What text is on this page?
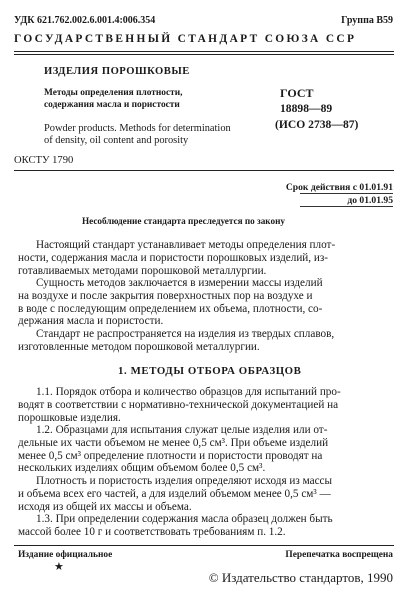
УДК 621.762.002.6.001.4:006.354	Группа В59
ГОСУДАРСТВЕННЫЙ СТАНДАРТ СОЮЗА ССР
ИЗДЕЛИЯ ПОРОШКОВЫЕ
Методы определения плотности,
содержания масла и пористости
Powder products. Methods for determination
of density, oil content and porosity
ГОСТ
18898—89
(ИСО 2738—87)
ОКСТУ 1790
Срок действия с 01.01.91
до 01.01.95
Несоблюдение стандарта преследуется по закону
Настоящий стандарт устанавливает методы определения плот-
ности, содержания масла и пористости порошковых изделий, из-
готавливаемых методами порошковой металлургии.
Сущность методов заключается в измерении массы изделий
на воздухе и после закрытия поверхностных пор на воздухе и
в воде с последующим определением их объема, плотности, со-
держания масла и пористости.
Стандарт не распространяется на изделия из твердых сплавов,
изготовленные методом порошковой металлургии.
1. МЕТОДЫ ОТБОРА ОБРАЗЦОВ
1.1. Порядок отбора и количество образцов для испытаний про-
водят в соответствии с нормативно-технической документацией на
порошковые изделия.
1.2. Образцами для испытания служат целые изделия или от-
дельные их части объемом не менее 0,5 см³. При объеме изделий
менее 0,5 см³ определение плотности и пористости проводят на
нескольких изделиях общим объемом более 0,5 см³.
Плотность и пористость изделия определяют исходя из массы
и объема всех его частей, а для изделий объемом менее 0,5 см³ —
исходя из общей их массы и объема.
1.3. При определении содержания масла образец должен быть
массой более 10 г и соответствовать требованиям п. 1.2.
Издание официальное	Перепечатка воспрещена
★
© Издательство стандартов, 1990
